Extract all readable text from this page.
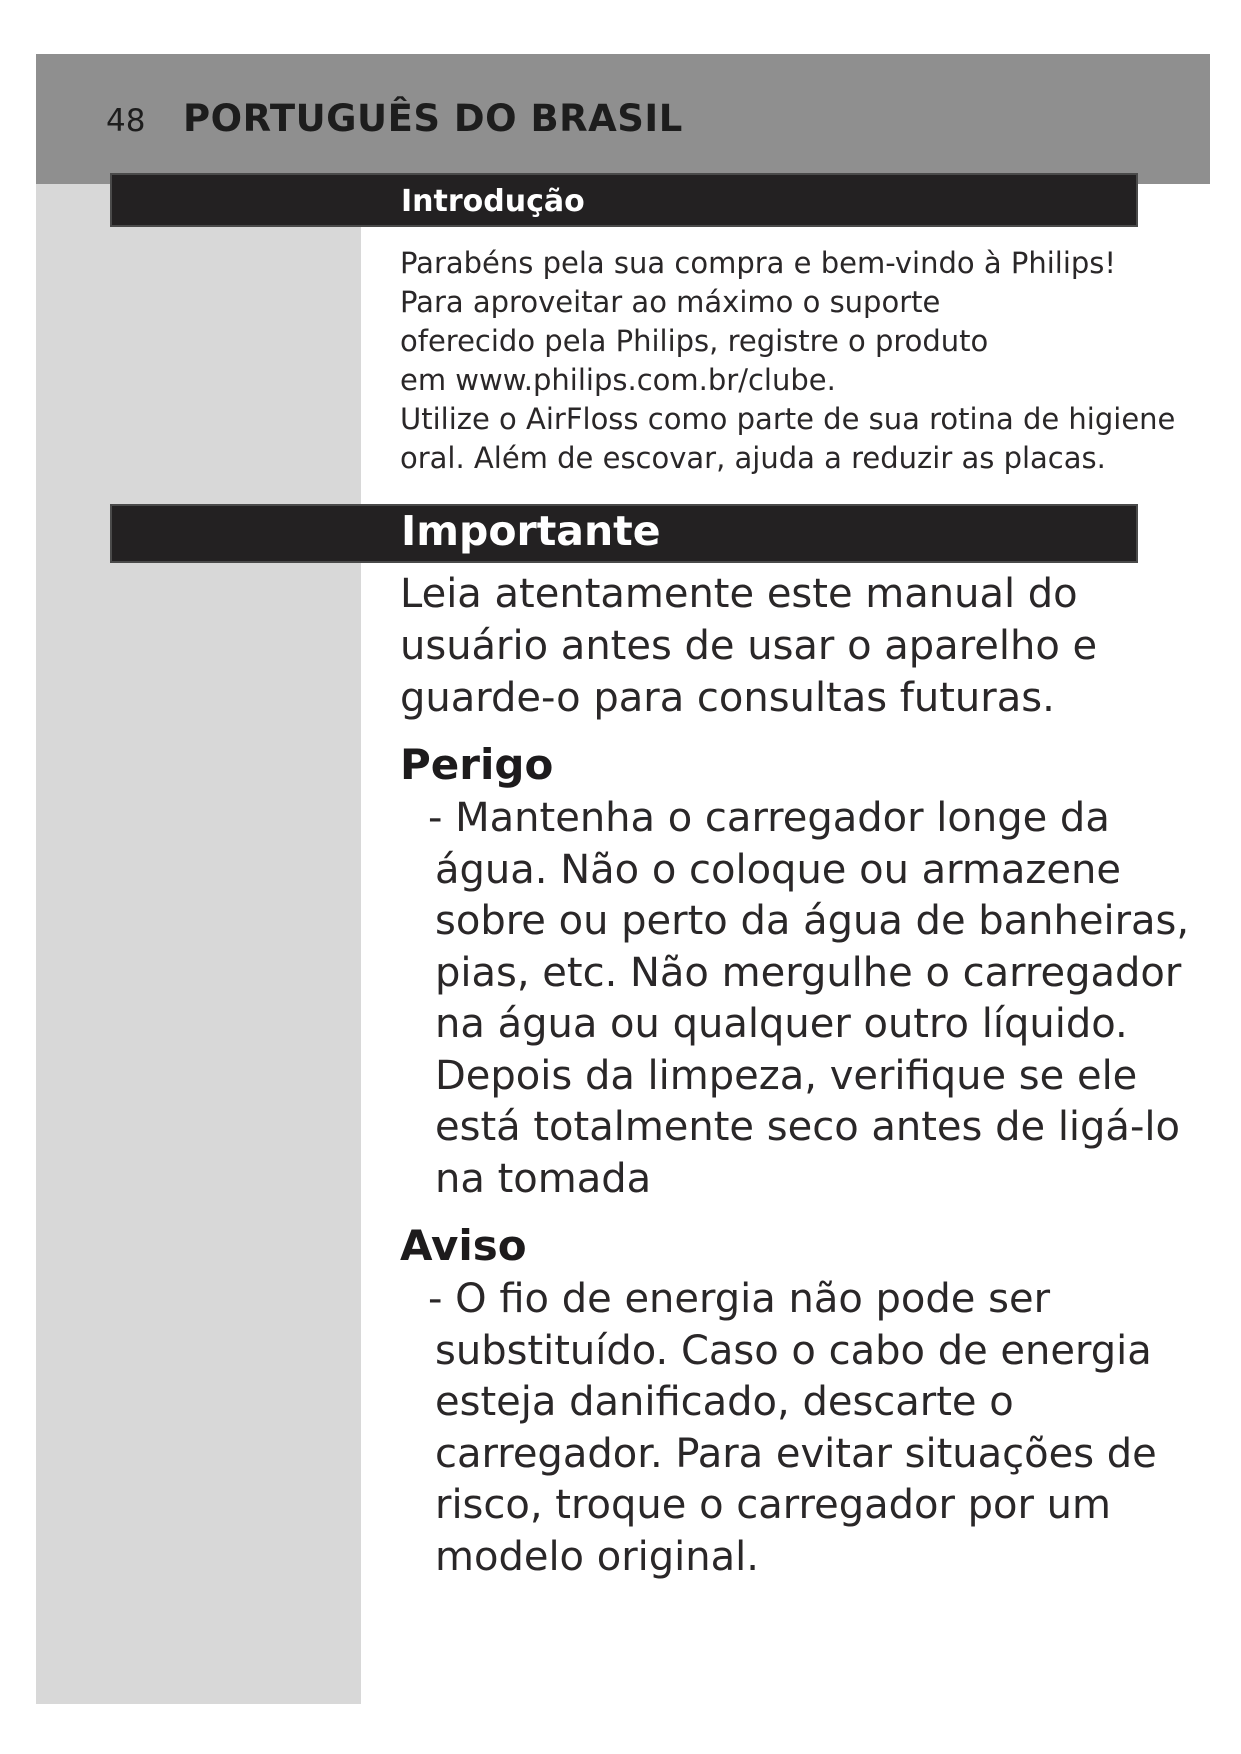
48 PORTUGUÊS DO BRASIL
Introdução
Parabéns pela sua compra e bem-vindo à Philips!
Para aproveitar ao máximo o suporte
oferecido pela Philips, registre o produto
em www.philips.com.br/clube.
Utilize o AirFloss como parte de sua rotina de higiene
oral. Além de escovar, ajuda a reduzir as placas.
Importante
Leia atentamente este manual do
usuário antes de usar o aparelho e
guarde-o para consultas futuras.
Perigo
- Mantenha o carregador longe da
água. Não o coloque ou armazene
sobre ou perto da água de banheiras,
pias, etc. Não mergulhe o carregador
na água ou qualquer outro líquido.
Depois da limpeza, verifique se ele
está totalmente seco antes de ligá-lo
na tomada
Aviso
- O fio de energia não pode ser
substituído. Caso o cabo de energia
esteja danificado, descarte o
carregador. Para evitar situações de
risco, troque o carregador por um
modelo original.
